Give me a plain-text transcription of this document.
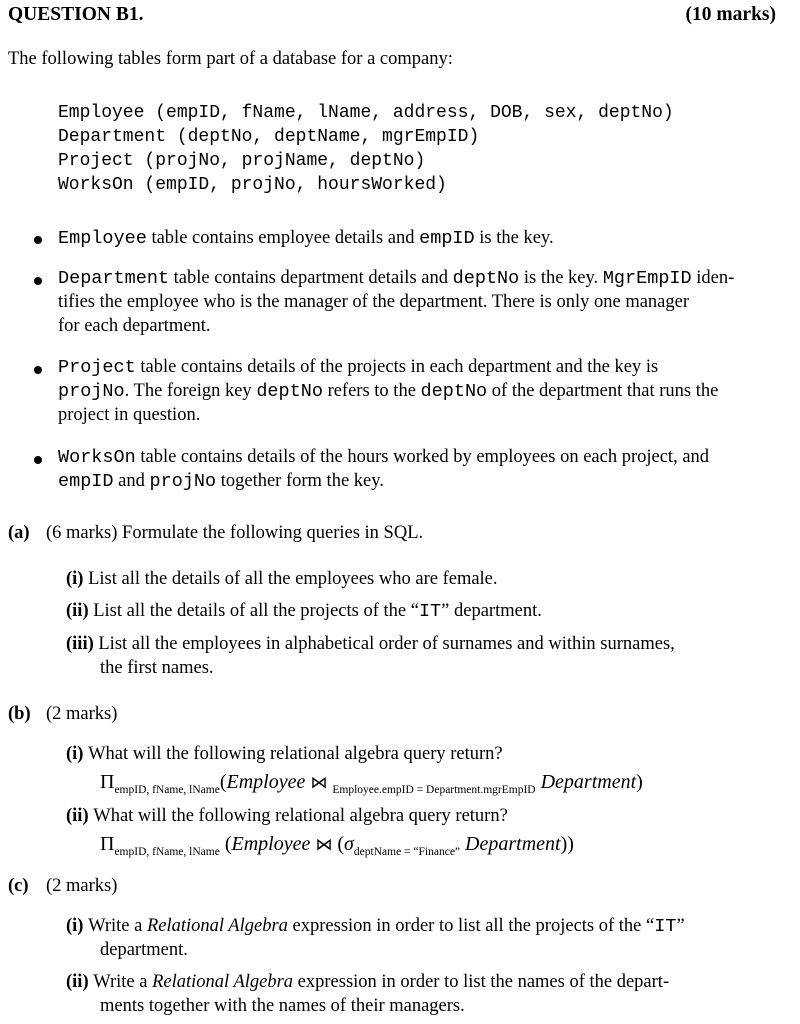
QUESTION B1.	(10 marks)
The following tables form part of a database for a company:
Employee (empID, fName, lName, address, DOB, sex, deptNo)
Department (deptNo, deptName, mgrEmpID)
Project (projNo, projName, deptNo)
WorksOn (empID, projNo, hoursWorked)
Employee table contains employee details and empID is the key.
Department table contains department details and deptNo is the key. MgrEmpID iden-
tifies the employee who is the manager of the department. There is only one manager
for each department.
Project table contains details of the projects in each department and the key is
projNo. The foreign key deptNo refers to the deptNo of the department that runs the
project in question.
WorksOn table contains details of the hours worked by employees on each project, and
empID and projNo together form the key.
(a) (6 marks) Formulate the following queries in SQL.
(i) List all the details of all the employees who are female.
(ii) List all the details of all the projects of the “IT” department.
(iii) List all the employees in alphabetical order of surnames and within surnames,
the first names.
(b) (2 marks)
(i) What will the following relational algebra query return?
$\Pi_{empID, fName, lName}(Employee$ ⋈ $_{Employee.empID = Department.mgrEmpID}$ Department)
(ii) What will the following relational algebra query return?
$\Pi_{empID, fName, lName}$ (Employee ⋈ ($\sigma_{deptName = “Finance”}$ Department))
(c) (2 marks)
(i) Write a Relational Algebra expression in order to list all the projects of the “IT”
department.
(ii) Write a Relational Algebra expression in order to list the names of the depart-
ments together with the names of their managers.
